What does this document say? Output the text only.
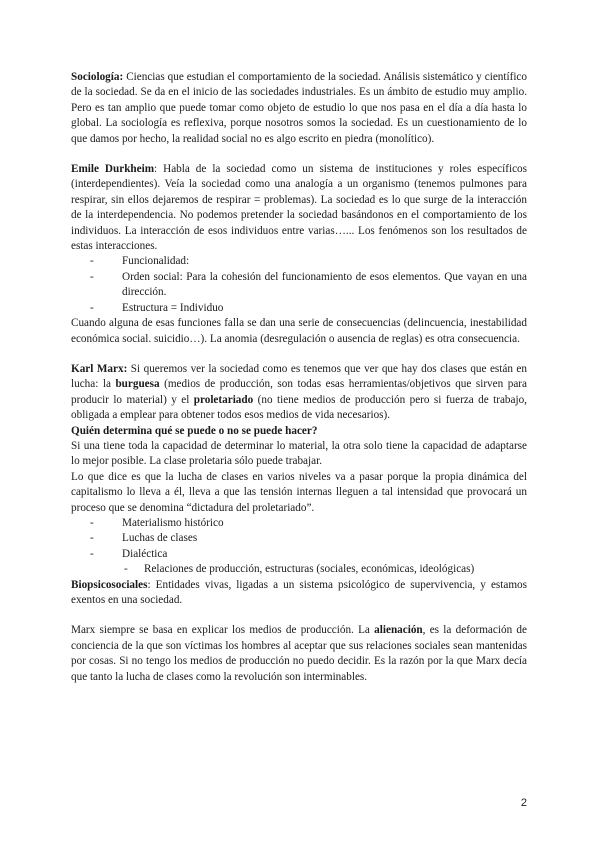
Sociología: Ciencias que estudian el comportamiento de la sociedad. Análisis sistemático y científico de la sociedad. Se da en el inicio de las sociedades industriales. Es un ámbito de estudio muy amplio. Pero es tan amplio que puede tomar como objeto de estudio lo que nos pasa en el día a día hasta lo global. La sociología es reflexiva, porque nosotros somos la sociedad. Es un cuestionamiento de lo que damos por hecho, la realidad social no es algo escrito en piedra (monolítico).

Emile Durkheim: Habla de la sociedad como un sistema de instituciones y roles específicos (interdependientes). Veía la sociedad como una analogía a un organismo (tenemos pulmones para respirar, sin ellos dejaremos de respirar = problemas). La sociedad es lo que surge de la interacción de la interdependencia. No podemos pretender la sociedad basándonos en el comportamiento de los individuos. La interacción de esos individuos entre varias…... Los fenómenos son los resultados de estas interacciones.

- Funcionalidad:
- Orden social: Para la cohesión del funcionamiento de esos elementos. Que vayan en una dirección.
- Estructura = Individuo

Cuando alguna de esas funciones falla se dan una serie de consecuencias (delincuencia, inestabilidad económica social. suicidio…). La anomia (desregulación o ausencia de reglas) es otra consecuencia.

Karl Marx: Si queremos ver la sociedad como es tenemos que ver que hay dos clases que están en lucha: la burguesa (medios de producción, son todas esas herramientas/objetivos que sirven para producir lo material) y el proletariado (no tiene medios de producción pero si fuerza de trabajo, obligada a emplear para obtener todos esos medios de vida necesarios).

Quién determina qué se puede o no se puede hacer?

Si una tiene toda la capacidad de determinar lo material, la otra solo tiene la capacidad de adaptarse lo mejor posible. La clase proletaria sólo puede trabajar.

Lo que dice es que la lucha de clases en varios niveles va a pasar porque la propia dinámica del capitalismo lo lleva a él, lleva a que las tensión internas lleguen a tal intensidad que provocará un proceso que se denomina “dictadura del proletariado”.

- Materialismo histórico
- Luchas de clases
- Dialéctica
- Relaciones de producción, estructuras (sociales, económicas, ideológicas)

Biopsicosociales: Entidades vivas, ligadas a un sistema psicológico de supervivencia, y estamos exentos en una sociedad.

Marx siempre se basa en explicar los medios de producción. La alienación, es la deformación de conciencia de la que son víctimas los hombres al aceptar que sus relaciones sociales sean mantenidas por cosas. Si no tengo los medios de producción no puedo decidir. Es la razón por la que Marx decía que tanto la lucha de clases como la revolución son interminables.

2
